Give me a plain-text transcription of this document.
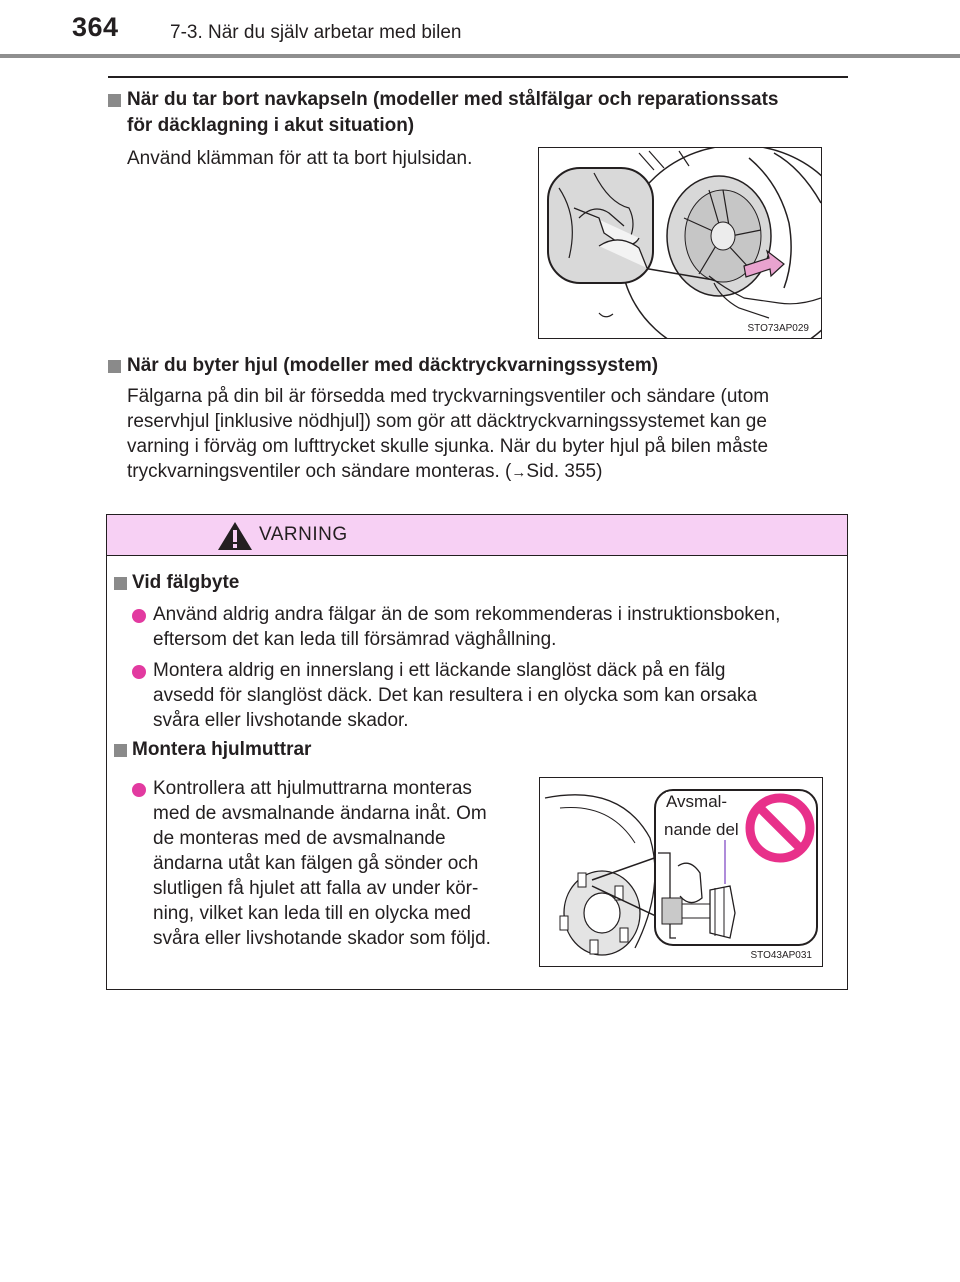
364	7-3. När du själv arbetar med bilen
När du tar bort navkapseln (modeller med stålfälgar och reparationssats
för däcklagning i akut situation)
Använd klämman för att ta bort hjulsidan.
STO73AP029
När du byter hjul (modeller med däcktryckvarningssystem)
Fälgarna på din bil är försedda med tryckvarningsventiler och sändare (utom
reservhjul [inklusive nödhjul]) som gör att däcktryckvarningssystemet kan ge
varning i förväg om lufttrycket skulle sjunka. När du byter hjul på bilen måste
tryckvarningsventiler och sändare monteras. (→Sid. 355)
VARNING
Vid fälgbyte
Använd aldrig andra fälgar än de som rekommenderas i instruktionsboken,
eftersom det kan leda till försämrad väghållning.
Montera aldrig en innerslang i ett läckande slanglöst däck på en fälg
avsedd för slanglöst däck. Det kan resultera i en olycka som kan orsaka
svåra eller livshotande skador.
Montera hjulmuttrar
Kontrollera att hjulmuttrarna monteras
med de avsmalnande ändarna inåt. Om
de monteras med de avsmalnande
ändarna utåt kan fälgen gå sönder och
slutligen få hjulet att falla av under kör-
ning, vilket kan leda till en olycka med
svåra eller livshotande skador som följd.
Avsmal-
nande del
STO43AP031
